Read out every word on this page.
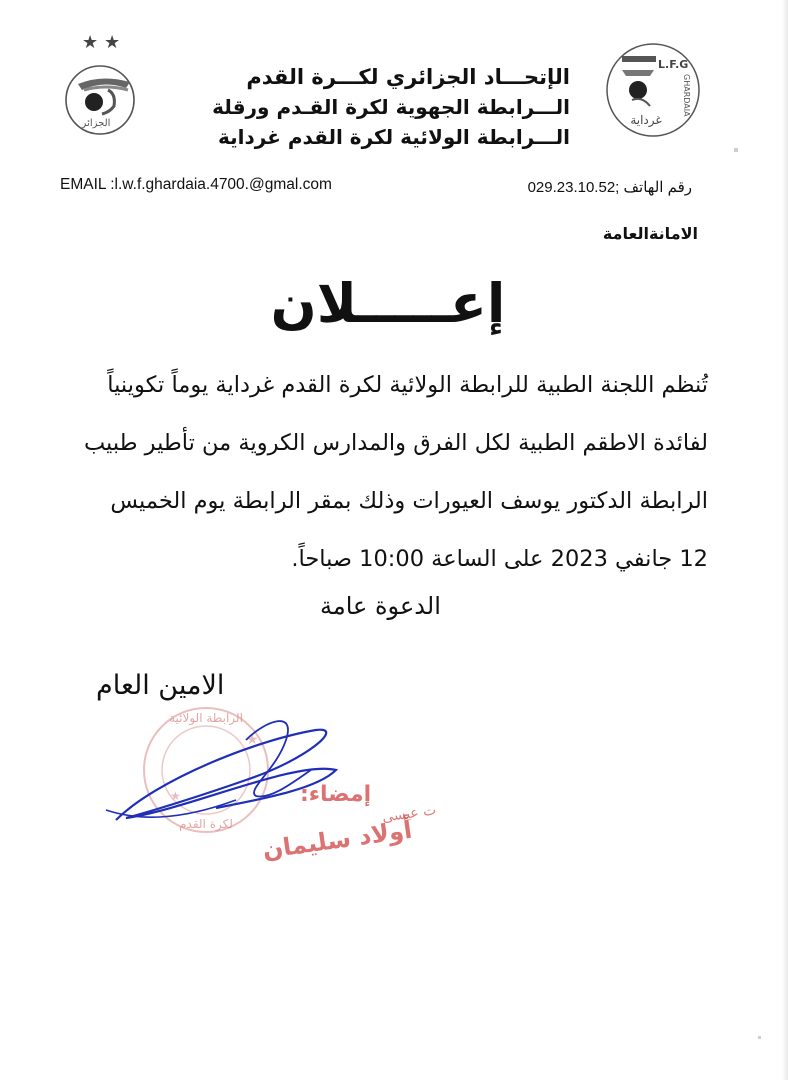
★ ★
الجزائر
L.F.G
GHARDAIA
غرداية
الإتحـــاد الجزائري لكـــرة القدم
الـــرابطة الجهوية لكرة القـدم ورقلة
الـــرابطة الولائية لكرة القدم غرداية
EMAIL :l.w.f.ghardaia.4700.@gmal.com	رقم الهاتف ;029.23.10.52
الامانةالعامة
إعـــــلان
تُنظم اللجنة الطبية للرابطة الولائية لكرة القدم غرداية يوماً تكوينياً
لفائدة الاطقم الطبية لكل الفرق والمدارس الكروية من تأطير طبيب
الرابطة الدكتور يوسف العيورات وذلك بمقر الرابطة يوم الخميس
12 جانفي 2023 على الساعة 10:00 صباحاً.
الدعوة عامة
الامين العام
الرابطة الولائية
لكرة القدم
★
★	إمضاء:
ت عيسى
أولاد سليمان
